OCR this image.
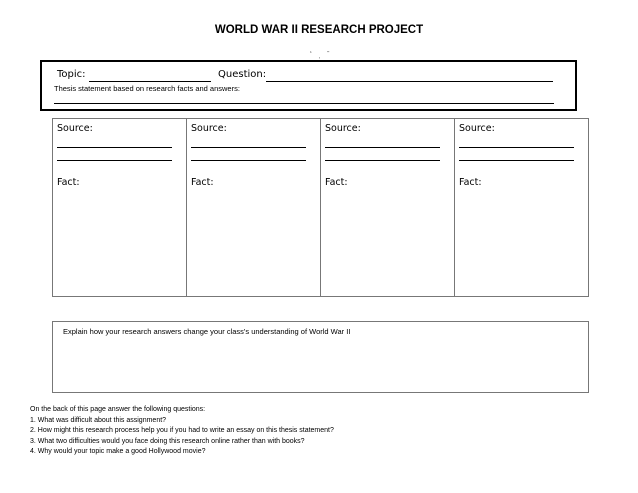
WORLD WAR II RESEARCH PROJECT
‘ ˌ ˉ
Topic:	Question:
Thesis statement based on research facts and answers:
Source:
Fact:
Source:
Fact:
Source:
Fact:
Source:
Fact:
Explain how your research answers change your class's understanding of World War II
On the back of this page answer the following questions:
1. What was difficult about this assignment?
2. How might this research process help you if you had to write an essay on this thesis statement?
3. What two difficulties would you face doing this research online rather than with books?
4. Why would your topic make a good Hollywood movie?
